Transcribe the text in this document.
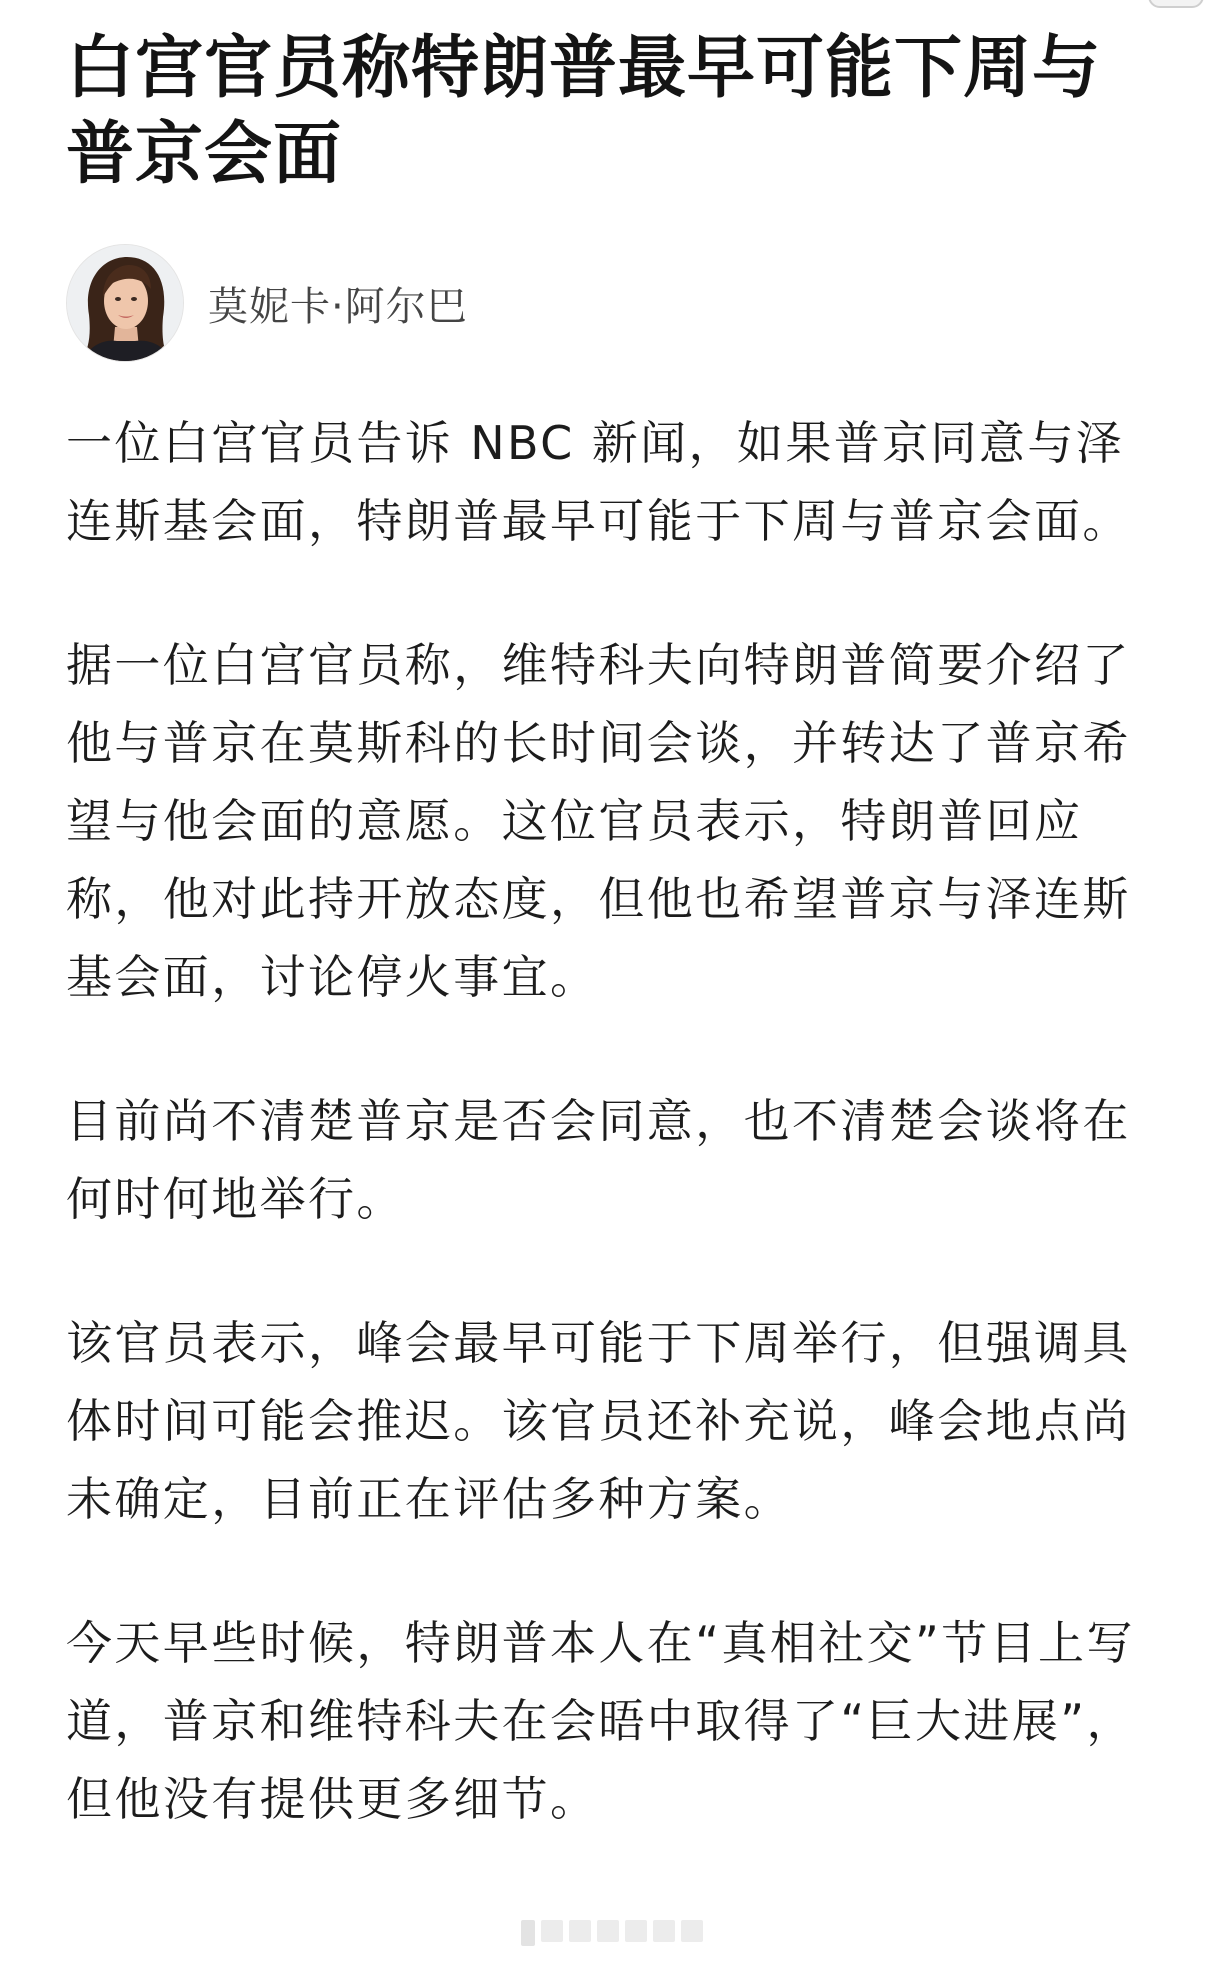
白宫官员称特朗普最早可能下周与普京会面
莫妮卡·阿尔巴

一位白宫官员告诉 NBC 新闻，如果普京同意与泽连斯基会面，特朗普最早可能于下周与普京会面。

据一位白宫官员称，维特科夫向特朗普简要介绍了他与普京在莫斯科的长时间会谈，并转达了普京希望与他会面的意愿。这位官员表示，特朗普回应称，他对此持开放态度，但他也希望普京与泽连斯基会面，讨论停火事宜。

目前尚不清楚普京是否会同意，也不清楚会谈将在何时何地举行。

该官员表示，峰会最早可能于下周举行，但强调具体时间可能会推迟。该官员还补充说，峰会地点尚未确定，目前正在评估多种方案。

今天早些时候，特朗普本人在“真相社交”节目上写道，普京和维特科夫在会晤中取得了“巨大进展”，但他没有提供更多细节。
